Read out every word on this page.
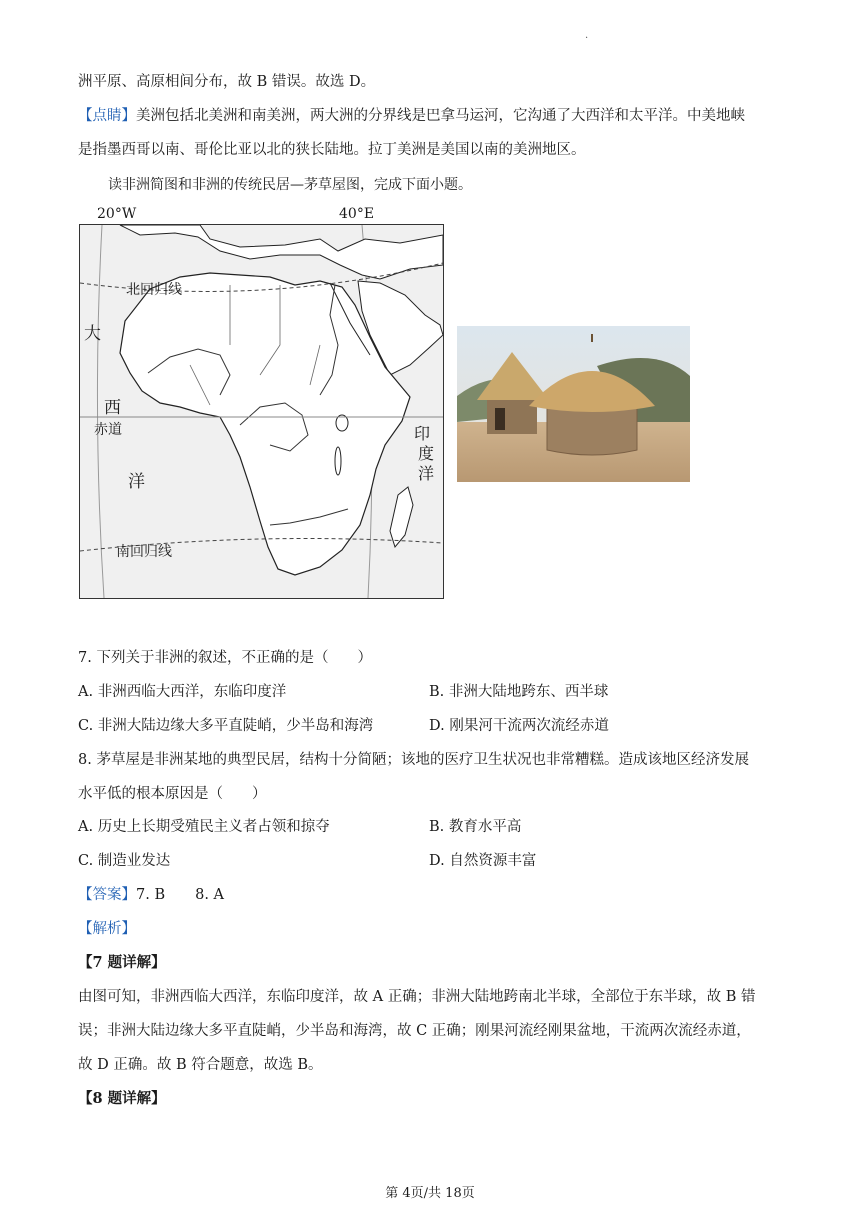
.
洲平原、高原相间分布，故 B 错误。故选 D。
【点睛】美洲包括北美洲和南美洲，两大洲的分界线是巴拿马运河，它沟通了大西洋和太平洋。中美地峡
是指墨西哥以南、哥伦比亚以北的狭长陆地。拉丁美洲是美国以南的美洲地区。
读非洲简图和非洲的传统民居—茅草屋图，完成下面小题。
20°W	40°E
北回归线
赤道
南回归线
大
西
洋
印
度
洋
7. 下列关于非洲的叙述，不正确的是（　　）
A. 非洲西临大西洋，东临印度洋	B. 非洲大陆地跨东、西半球
C. 非洲大陆边缘大多平直陡峭，少半岛和海湾	D. 刚果河干流两次流经赤道
8. 茅草屋是非洲某地的典型民居，结构十分简陋；该地的医疗卫生状况也非常糟糕。造成该地区经济发展
水平低的根本原因是（　　）
A. 历史上长期受殖民主义者占领和掠夺	B. 教育水平高
C. 制造业发达	D. 自然资源丰富
【答案】7. B 8. A
【解析】
【7 题详解】
由图可知，非洲西临大西洋，东临印度洋，故 A 正确；非洲大陆地跨南北半球，全部位于东半球，故 B 错
误；非洲大陆边缘大多平直陡峭，少半岛和海湾，故 C 正确；刚果河流经刚果盆地，干流两次流经赤道，
故 D 正确。故 B 符合题意，故选 B。
【8 题详解】
第 4页/共 18页
